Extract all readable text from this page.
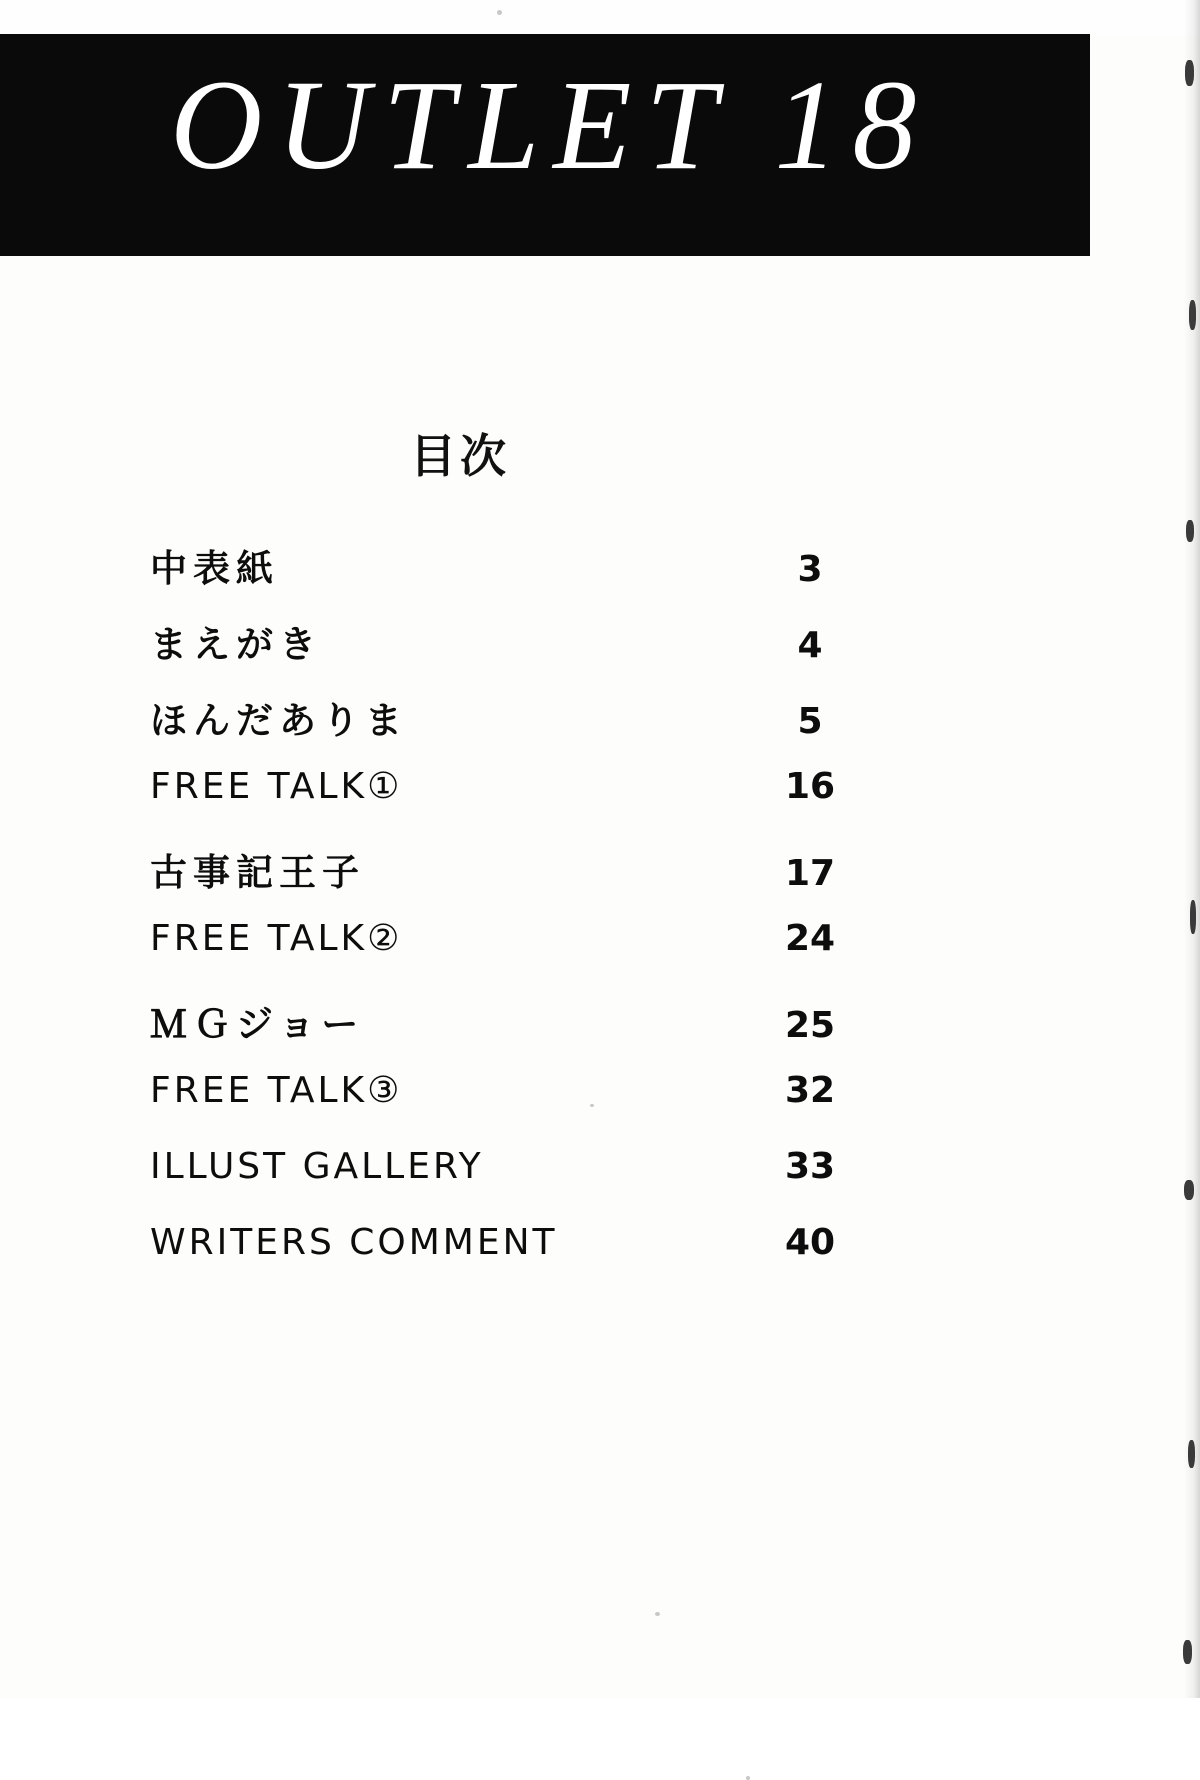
OUTLET 18
目次
中表紙	3
まえがき	4
ほんだありま	5
FREE TALK①	16
古事記王子	17
FREE TALK②	24
ＭＧジョー	25
FREE TALK③	32
ILLUST GALLERY	33
WRITERS COMMENT	40
